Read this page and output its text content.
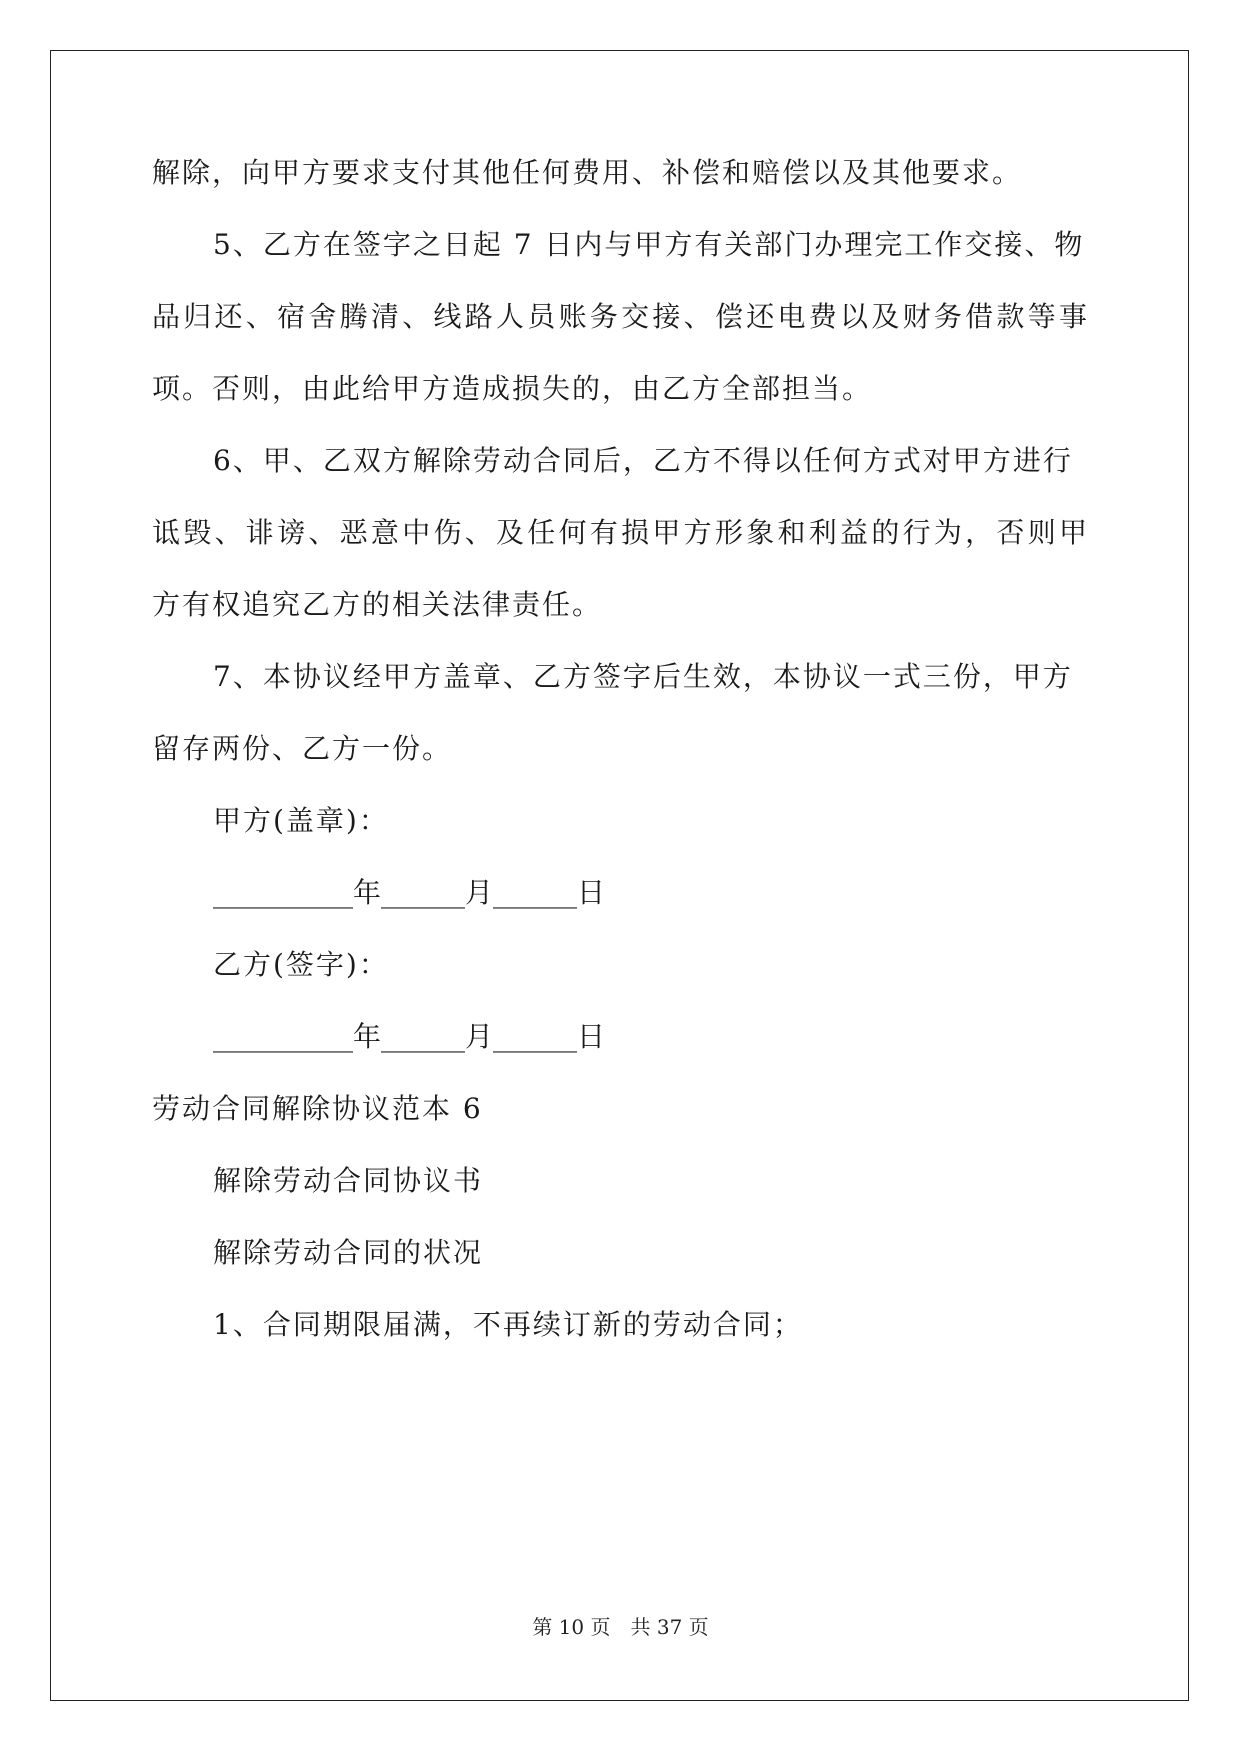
解除，向甲方要求支付其他任何费用、补偿和赔偿以及其他要求。
5、乙方在签字之日起 7 日内与甲方有关部门办理完工作交接、物
品归还、宿舍腾清、线路人员账务交接、偿还电费以及财务借款等事
项。否则，由此给甲方造成损失的，由乙方全部担当。
6、甲、乙双方解除劳动合同后，乙方不得以任何方式对甲方进行
诋毁、诽谤、恶意中伤、及任何有损甲方形象和利益的行为，否则甲
方有权追究乙方的相关法律责任。
7、本协议经甲方盖章、乙方签字后生效，本协议一式三份，甲方
留存两份、乙方一份。
甲方(盖章)：
__________年______月______日
乙方(签字)：
__________年______月______日
劳动合同解除协议范本 6
解除劳动合同协议书
解除劳动合同的状况
1、合同期限届满，不再续订新的劳动合同；
第 10 页　共 37 页
